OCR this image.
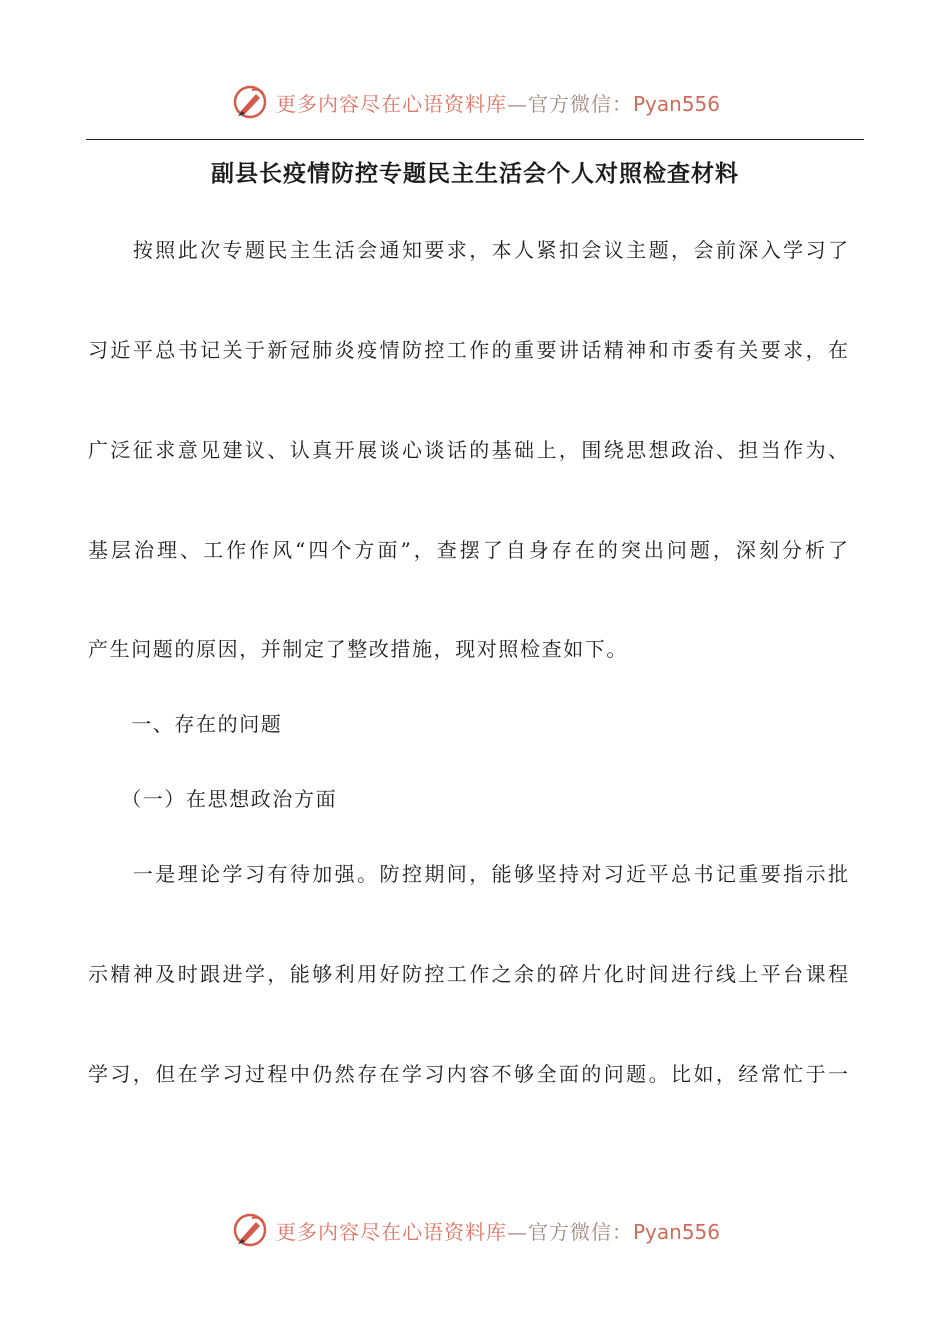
更多内容尽在心语资料库—官方微信：Pyan556
副县长疫情防控专题民主生活会个人对照检查材料
　　按照此次专题民主生活会通知要求，本人紧扣会议主题，会前深入学习了
习近平总书记关于新冠肺炎疫情防控工作的重要讲话精神和市委有关要求，在
广泛征求意见建议、认真开展谈心谈话的基础上，围绕思想政治、担当作为、
基层治理、工作作风“四个方面”，查摆了自身存在的突出问题，深刻分析了
产生问题的原因，并制定了整改措施，现对照检查如下。
　　一、存在的问题
　　（一）在思想政治方面
　　一是理论学习有待加强。防控期间，能够坚持对习近平总书记重要指示批
示精神及时跟进学，能够利用好防控工作之余的碎片化时间进行线上平台课程
学习，但在学习过程中仍然存在学习内容不够全面的问题。比如，经常忙于一
更多内容尽在心语资料库—官方微信：Pyan556
